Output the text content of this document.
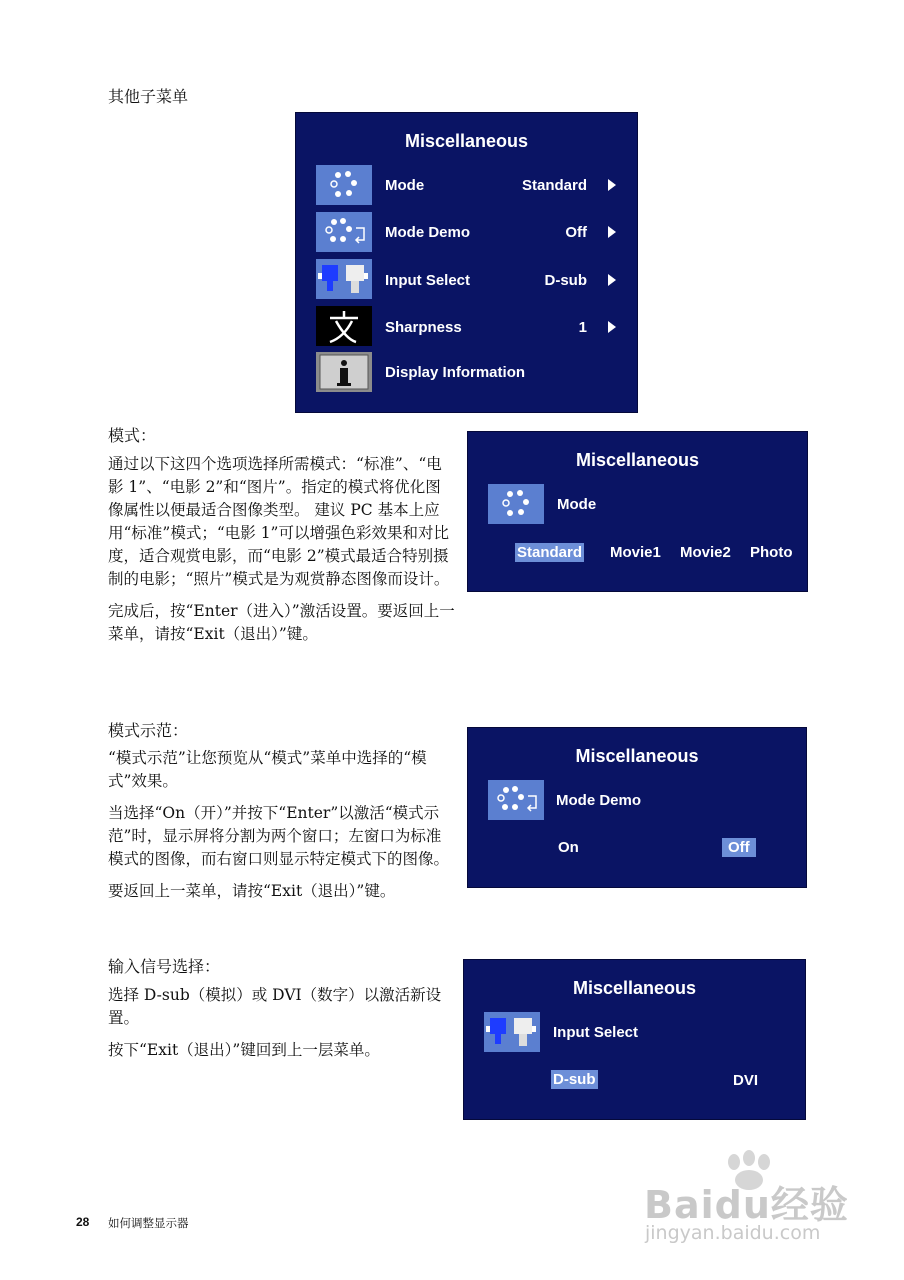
其他子菜单
Miscellaneous
Mode	Standard
Mode Demo	Off
Input Select	D-sub
Sharpness	1
Display Information
模式：

通过以下这四个选项选择所需模式：“标准”、“电影 1”、“电影 2”和“图片”。指定的模式将优化图像属性以便最适合图像类型。 建议 PC 基本上应用“标准”模式；“电影 1”可以增强色彩效果和对比度，适合观赏电影，而“电影 2”模式最适合特别摄制的电影；“照片”模式是为观赏静态图像而设计。

完成后，按“Enter（进入）”激活设置。要返回上一菜单，请按“Exit（退出）”键。

Miscellaneous
Mode
Standard Movie1 Movie2 Photo
模式示范：

“模式示范”让您预览从“模式”菜单中选择的“模式”效果。

当选择“On（开）”并按下“Enter”以激活“模式示范”时，显示屏将分割为两个窗口；左窗口为标准模式的图像，而右窗口则显示特定模式下的图像。

要返回上一菜单，请按“Exit（退出）”键。

Miscellaneous
Mode Demo
On	Off
输入信号选择：

选择 D-sub（模拟）或 DVI（数字）以激活新设置。

按下“Exit（退出）”键回到上一层菜单。

Miscellaneous
Input Select
D-sub	DVI
28 如何调整显示器	Baidu经验
jingyan.baidu.com
